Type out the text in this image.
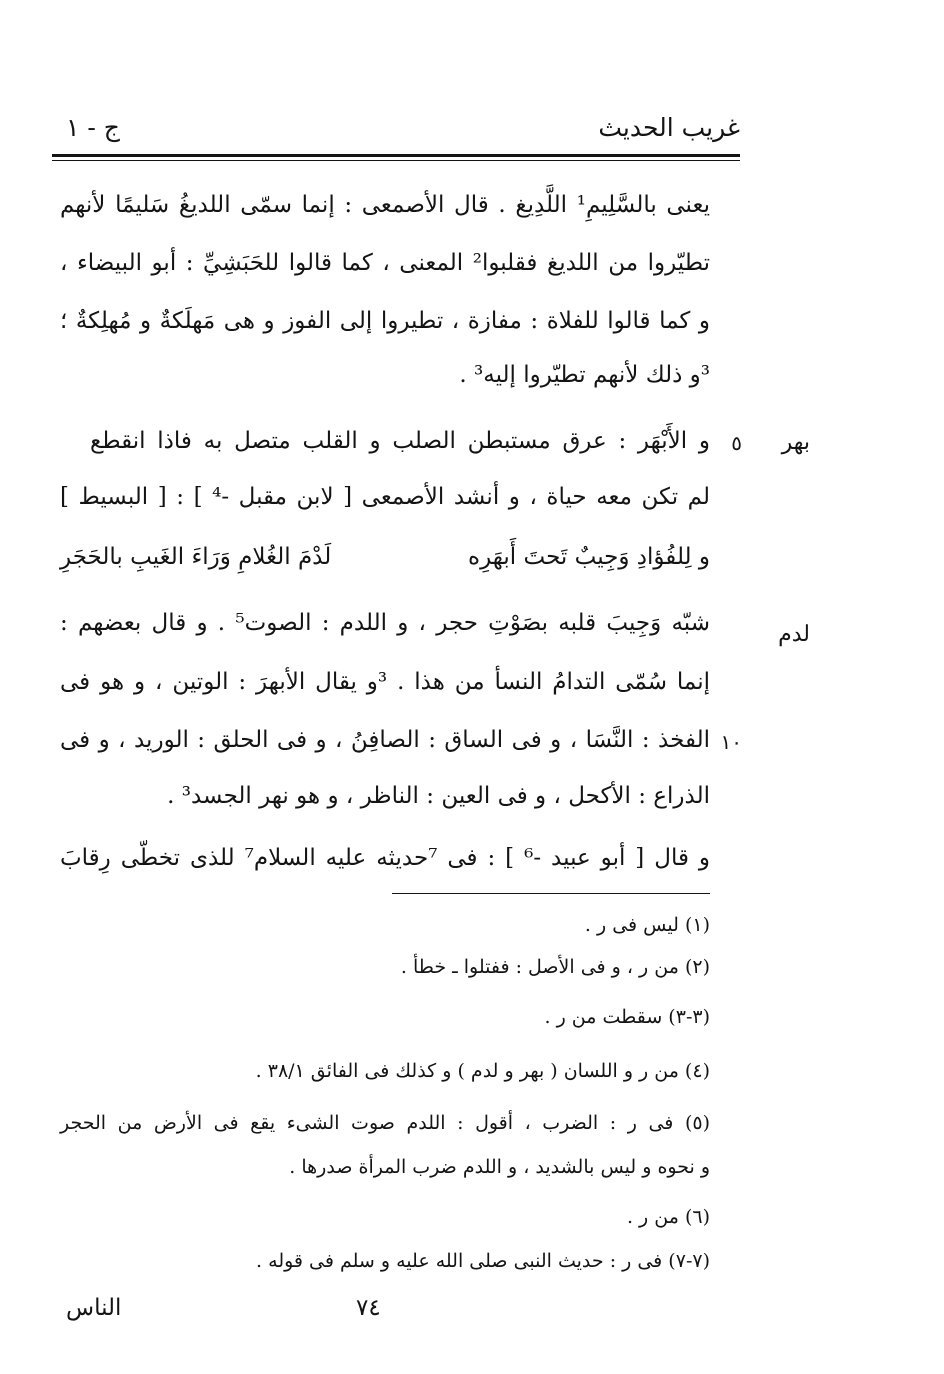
غريب الحديث
ج - ١
يعنى بالسَّلِيمِ¹ اللَّدِيغ . قال الأصمعى : إنما سمّى اللديغُ سَليمًا لأنهم
تطيّروا من اللديغ فقلبوا² المعنى ، كما قالوا للحَبَشِيِّ : أبو البيضاء ،
و كما قالوا للفلاة : مفازة ، تطيروا إلى الفوز و هى مَهلَكةٌ و مُهلِكةٌ ؛
³و ذلك لأنهم تطيّروا إليه³ .
و الأَبْهَر : عرق مستبطن الصلب و القلب متصل به فاذا انقطع
لم تكن معه حياة ، و أنشد الأصمعى [ لابن مقبل -⁴ ] : [ البسيط ]
و لِلفُؤادِ وَجِيبٌ تَحتَ أَبهَرِه
لَدْمَ الغُلامِ وَرَاءَ الغَيبِ بالحَجَرِ
شبّه وَجِيبَ قلبه بصَوْتِ حجر ، و اللدم : الصوت⁵ . و قال بعضهم :
إنما سُمّى التدامُ النسأ من هذا . ³و يقال الأبهرَ : الوتين ، و هو فى
الفخذ : النَّسَا ، و فى الساق : الصافِنُ ، و فى الحلق : الوريد ، و فى
الذراع : الأكحل ، و فى العين : الناظر ، و هو نهر الجسد³ .
و قال [ أبو عبيد -⁶ ] : فى ⁷حديثه عليه السلام⁷ للذى تخطّى رِقابَ
بهر
٥
لدم
١٠
(١) ليس فى ر .
(٢) من ر ، و فى الأصل : ففتلوا ـ خطأ .
(٣-٣) سقطت من ر .
(٤) من ر و اللسان ( بهر و لدم ) و كذلك فى الفائق ٣٨/١ .
(٥) فى ر : الضرب ، أقول : اللدم صوت الشىء يقع فى الأرض من الحجر
و نحوه و ليس بالشديد ، و اللدم ضرب المرأة صدرها .
(٦) من ر .
(٧-٧) فى ر : حديث النبى صلى الله عليه و سلم فى قوله .
٧٤
الناس
